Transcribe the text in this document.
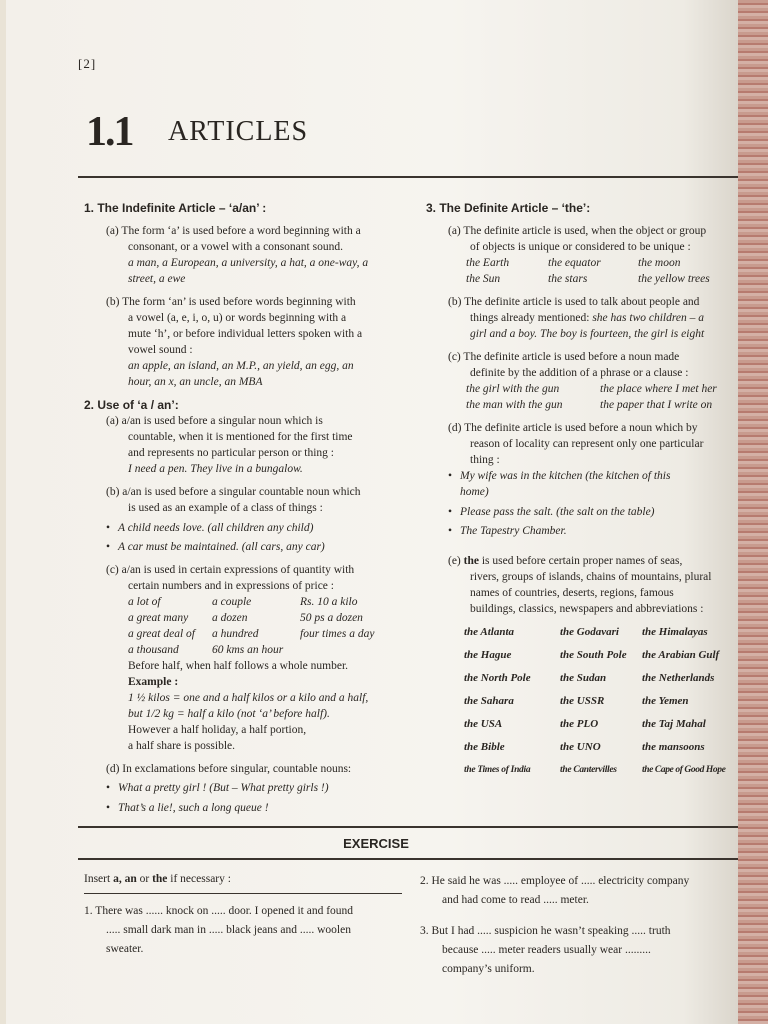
[2]
1.1 ARTICLES

1. The Indefinite Article – ‘a/an’ :

(a) The form ‘a’ is used before a word beginning with a

consonant, or a vowel with a consonant sound.

a man, a European, a university, a hat, a one-way, a

street, a ewe

(b) The form ‘an’ is used before words beginning with

a vowel (a, e, i, o, u) or words beginning with a

mute ‘h’, or before individual letters spoken with a

vowel sound :

an apple, an island, an M.P., an yield, an egg, an

hour, an x, an uncle, an MBA

2. Use of ‘a / an’:

(a) a/an is used before a singular noun which is

countable, when it is mentioned for the first time

and represents no particular person or thing :

I need a pen. They live in a bungalow.

(b) a/an is used before a singular countable noun which

is used as an example of a class of things :

• A child needs love. (all children any child)

• A car must be maintained. (all cars, any car)

(c) a/an is used in certain expressions of quantity with

certain numbers and in expressions of price :

a lot of	a couple	Rs. 10 a kilo
a great many	a dozen	50 ps a dozen
a great deal of	a hundred	four times a day
a thousand	60 kms an hour	

Before half, when half follows a whole number.

Example :

1 ½ kilos = one and a half kilos or a kilo and a half,

but 1/2 kg = half a kilo (not ‘a’ before half).

However a half holiday, a half portion,

a half share is possible.

(d) In exclamations before singular, countable nouns:

• What a pretty girl ! (But – What pretty girls !)

• That’s a lie!, such a long queue !

3. The Definite Article – ‘the’:

(a) The definite article is used, when the object or group

of objects is unique or considered to be unique :

the Earth	the equator	the moon
the Sun	the stars	the yellow trees

(b) The definite article is used to talk about people and

things already mentioned: she has two children – a

girl and a boy. The boy is fourteen, the girl is eight

(c) The definite article is used before a noun made

definite by the addition of a phrase or a clause :

the girl with the gun	the place where I met her
the man with the gun	the paper that I write on

(d) The definite article is used before a noun which by

reason of locality can represent only one particular

thing :

• My wife was in the kitchen (the kitchen of this

home)

• Please pass the salt. (the salt on the table)

• The Tapestry Chamber.

(e) the is used before certain proper names of seas,

rivers, groups of islands, chains of mountains, plural

names of countries, deserts, regions, famous

buildings, classics, newspapers and abbreviations :

the Atlanta	the Godavari	the Himalayas
the Hague	the South Pole	the Arabian Gulf
the North Pole	the Sudan	the Netherlands
the Sahara	the USSR	the Yemen
the USA	the PLO	the Taj Mahal
the Bible	the UNO	the mansoons
the Times of India	the Cantervilles	the Cape of Good Hope
EXERCISE

Insert a, an or the if necessary :

1. There was ...... knock on ..... door. I opened it and found

..... small dark man in ..... black jeans and ..... woolen

sweater.

2. He said he was ..... employee of ..... electricity company

and had come to read ..... meter.

3. But I had ..... suspicion he wasn’t speaking ..... truth

because ..... meter readers usually wear .........

company’s uniform.
